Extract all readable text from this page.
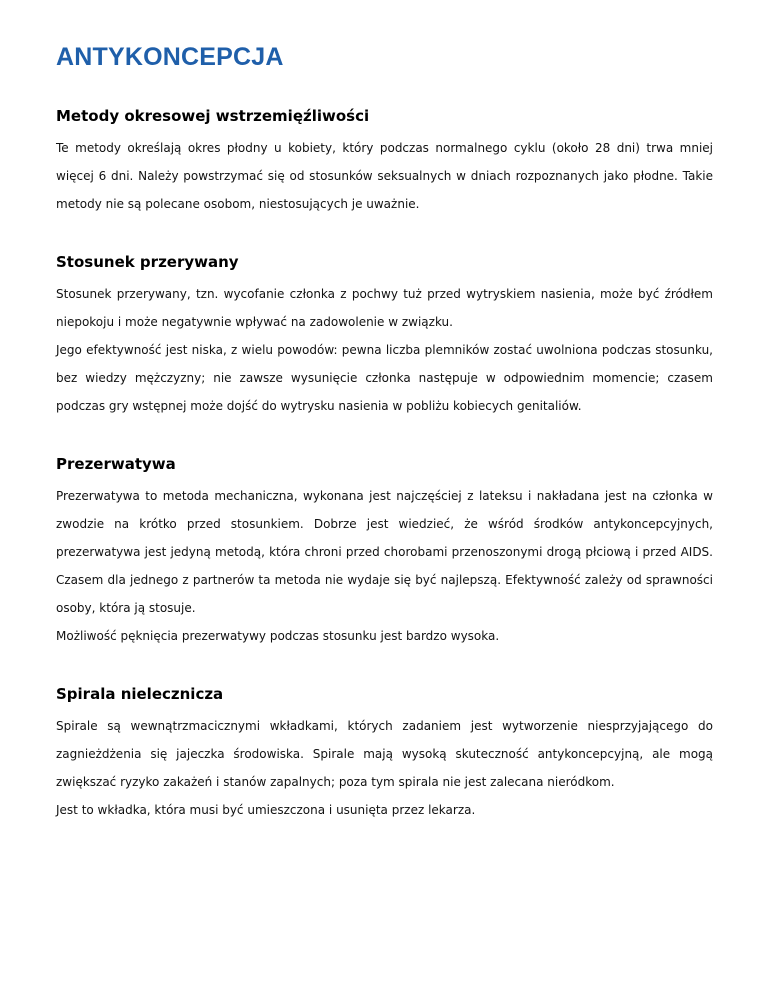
ANTYKONCEPCJA
Metody okresowej wstrzemięźliwości

Te metody określają okres płodny u kobiety, który podczas normalnego cyklu (około 28 dni) trwa mniej więcej 6 dni. Należy powstrzymać się od stosunków seksualnych w dniach rozpoznanych jako płodne. Takie metody nie są polecane osobom, niestosujących je uważnie.

Stosunek przerywany

Stosunek przerywany, tzn. wycofanie członka z pochwy tuż przed wytryskiem nasienia, może być źródłem niepokoju i może negatywnie wpływać na zadowolenie w związku.

Jego efektywność jest niska, z wielu powodów: pewna liczba plemników zostać uwolniona podczas stosunku, bez wiedzy mężczyzny; nie zawsze wysunięcie członka następuje w odpowiednim momencie; czasem podczas gry wstępnej może dojść do wytrysku nasienia w pobliżu kobiecych genitaliów.

Prezerwatywa

Prezerwatywa to metoda mechaniczna, wykonana jest najczęściej z lateksu i nakładana jest na członka w zwodzie na krótko przed stosunkiem. Dobrze jest wiedzieć, że wśród środków antykoncepcyjnych, prezerwatywa jest jedyną metodą, która chroni przed chorobami przenoszonymi drogą płciową i przed AIDS. Czasem dla jednego z partnerów ta metoda nie wydaje się być najlepszą. Efektywność zależy od sprawności osoby, która ją stosuje.

Możliwość pęknięcia prezerwatywy podczas stosunku jest bardzo wysoka.

Spirala nielecznicza

Spirale są wewnątrzmacicznymi wkładkami, których zadaniem jest wytworzenie niesprzyjającego do zagnieżdżenia się jajeczka środowiska. Spirale mają wysoką skuteczność antykoncepcyjną, ale mogą zwiększać ryzyko zakażeń i stanów zapalnych; poza tym spirala nie jest zalecana nieródkom.

Jest to wkładka, która musi być umieszczona i usunięta przez lekarza.
